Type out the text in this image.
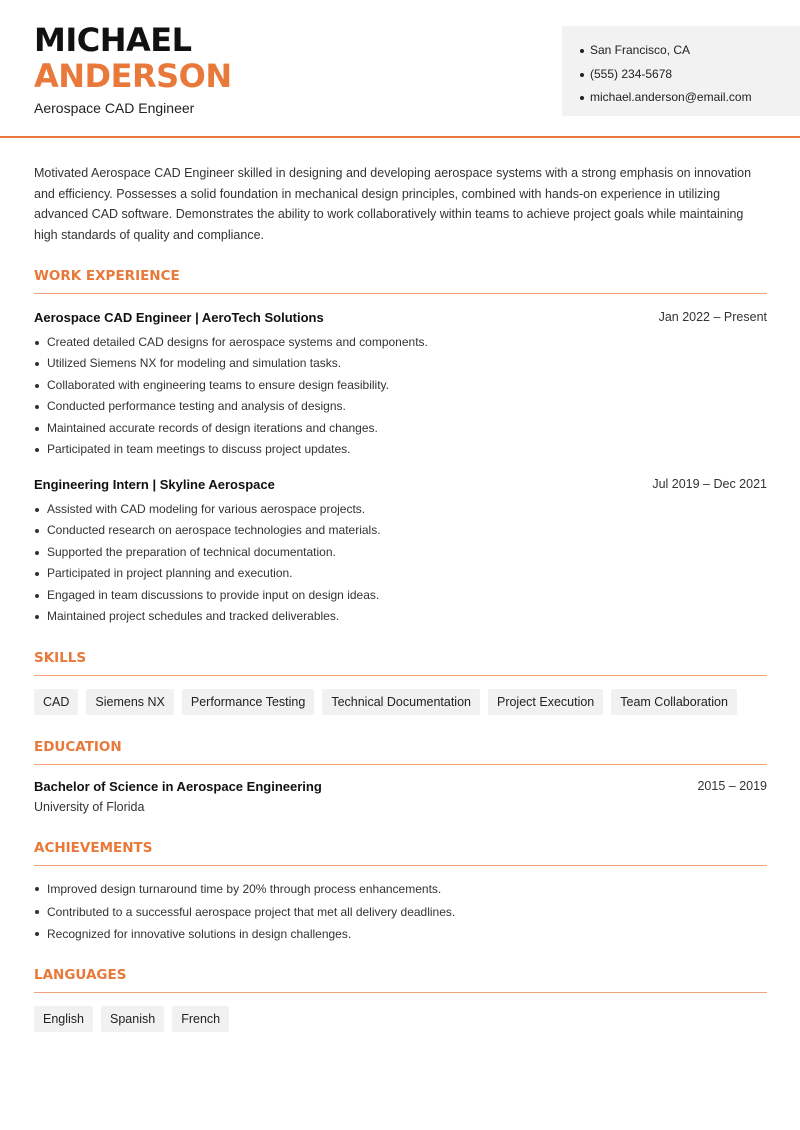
MICHAEL
ANDERSON
Aerospace CAD Engineer
San Francisco, CA
(555) 234-5678
michael.anderson@email.com

Motivated Aerospace CAD Engineer skilled in designing and developing aerospace systems with a strong emphasis on innovation and efficiency. Possesses a solid foundation in mechanical design principles, combined with hands-on experience in utilizing advanced CAD software. Demonstrates the ability to work collaboratively within teams to achieve project goals while maintaining high standards of quality and compliance.

WORK EXPERIENCE
Aerospace CAD Engineer | AeroTech Solutions	Jan 2022 – Present
Created detailed CAD designs for aerospace systems and components.
Utilized Siemens NX for modeling and simulation tasks.
Collaborated with engineering teams to ensure design feasibility.
Conducted performance testing and analysis of designs.
Maintained accurate records of design iterations and changes.
Participated in team meetings to discuss project updates.
Engineering Intern | Skyline Aerospace	Jul 2019 – Dec 2021
Assisted with CAD modeling for various aerospace projects.
Conducted research on aerospace technologies and materials.
Supported the preparation of technical documentation.
Participated in project planning and execution.
Engaged in team discussions to provide input on design ideas.
Maintained project schedules and tracked deliverables.
SKILLS
CAD	Siemens NX	Performance Testing	Technical Documentation	Project Execution	Team Collaboration
EDUCATION
Bachelor of Science in Aerospace Engineering	2015 – 2019
University of Florida
ACHIEVEMENTS
Improved design turnaround time by 20% through process enhancements.
Contributed to a successful aerospace project that met all delivery deadlines.
Recognized for innovative solutions in design challenges.
LANGUAGES
English	Spanish	French
